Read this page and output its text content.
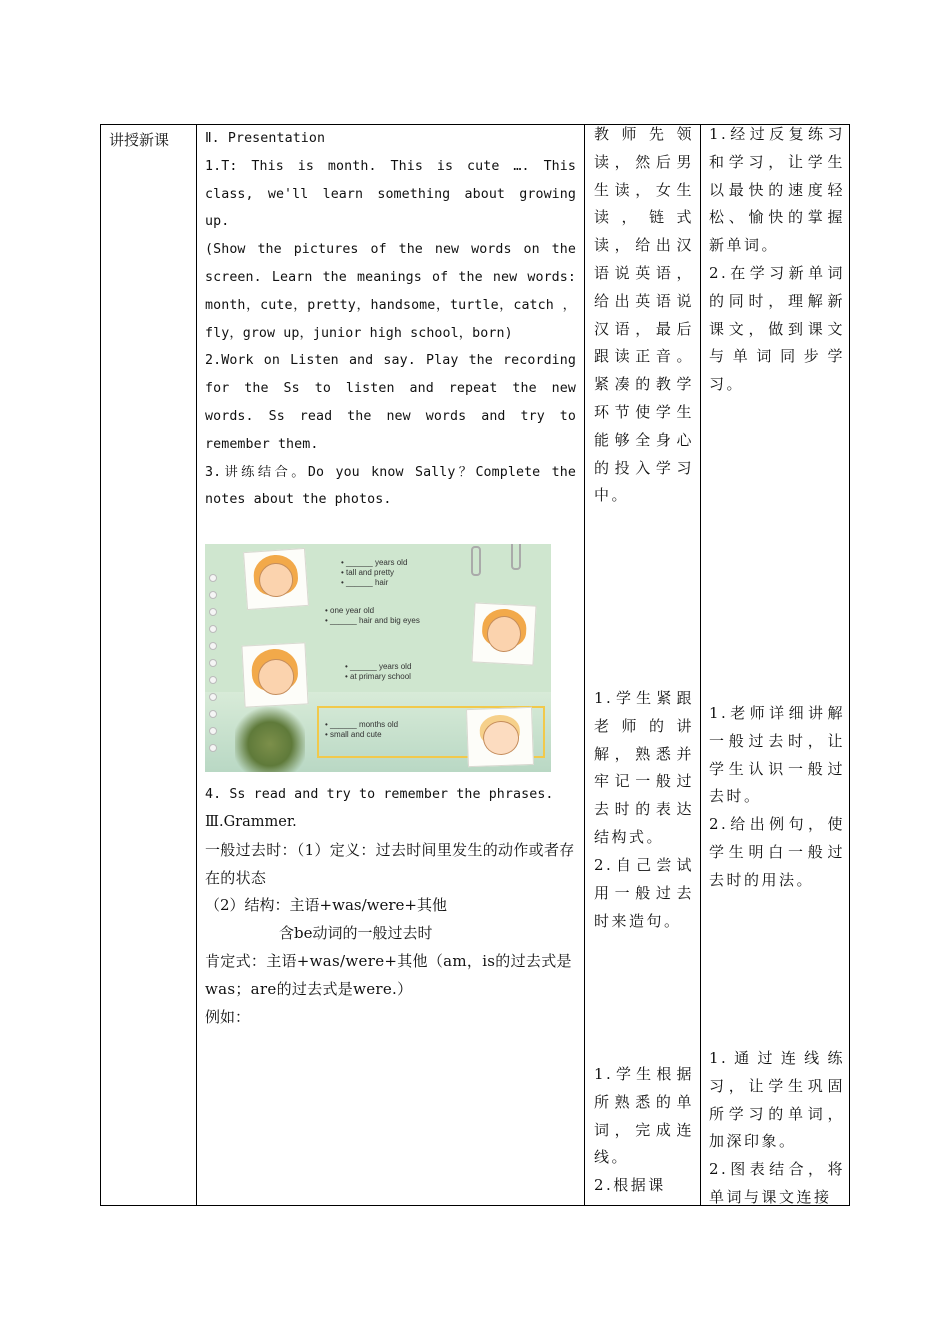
讲授新课	Ⅱ. Presentation

1.T: This is month. This is cute …. This class, we'll learn something about growing up.

(Show the pictures of the new words on the screen. Learn the meanings of the new words: month，cute，pretty，handsome，turtle，catch ，fly，grow up，junior high school，born)

2.Work on Listen and say. Play the recording for the Ss to listen and repeat the new words. Ss read the new words and try to remember them.

3.讲练结合。Do you know Sally？Complete the notes about the photos.

4. Ss read and try to remember the phrases.

Ⅲ.Grammer.

一般过去时：（1）定义：过去时间里发生的动作或者存在的状态

（2）结构：主语+was/were+其他

含be动词的一般过去时

肯定式：主语+was/were+其他（am，is的过去式是was；are的过去式是were.）

例如：

• ______ years old
• tall and pretty
• ______ hair
• one year old
• ______ hair and big eyes
• ______ years old
• at primary school
• ______ months old
• small and cute

教师先领读，然后男生读，女生读，链式读，给出汉语说英语，给出英语说汉语，最后跟读正音。紧凑的教学环节使学生能够全身心的投入学习中。

1.学生紧跟老师的讲解，熟悉并牢记一般过去时的表达结构式。

2.自己尝试用一般过去时来造句。

1.学生根据所熟悉的单词，完成连线。

2.根据课

1.经过反复练习和学习，让学生以最快的速度轻松、愉快的掌握新单词。

2.在学习新单词的同时，理解新课文，做到课文与单词同步学习。

1.老师详细讲解一般过去时，让学生认识一般过去时。

2.给出例句，使学生明白一般过去时的用法。

1.通过连线练习，让学生巩固所学习的单词，加深印象。

2.图表结合，将单词与课文连接
